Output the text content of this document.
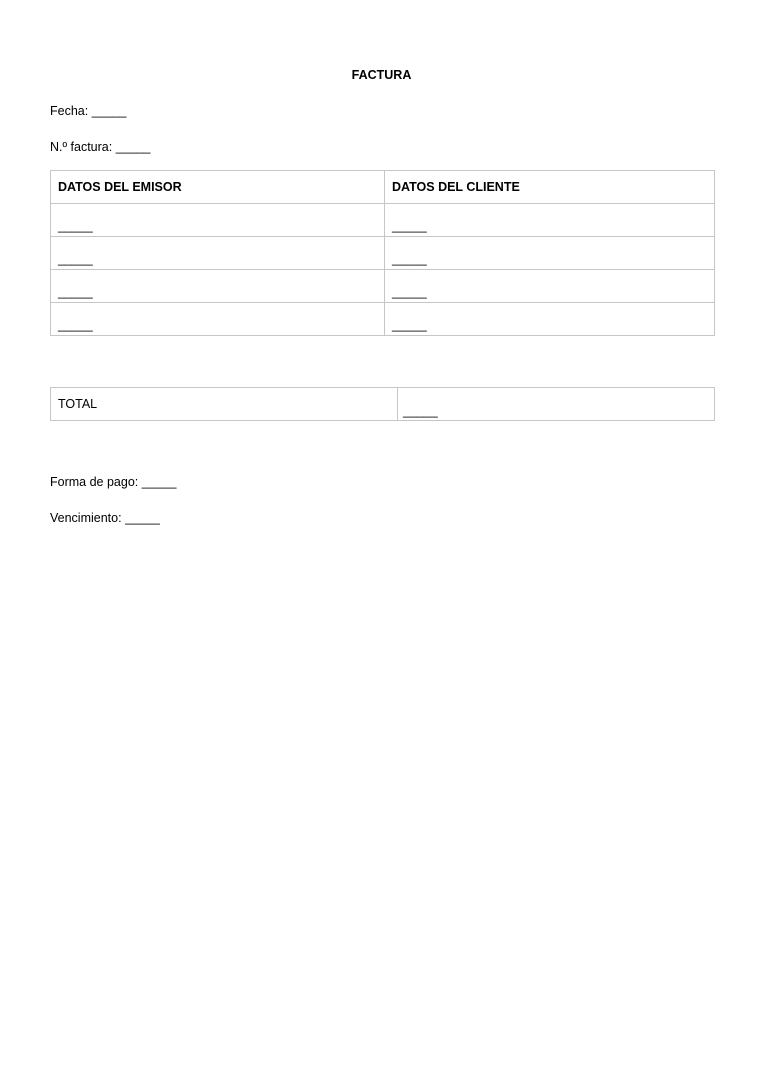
FACTURA
Fecha: _____
N.º factura: _____
DATOS DEL EMISOR	DATOS DEL CLIENTE
_____	_____
_____	_____
_____	_____
_____	_____
TOTAL	_____
Forma de pago: _____
Vencimiento: _____
